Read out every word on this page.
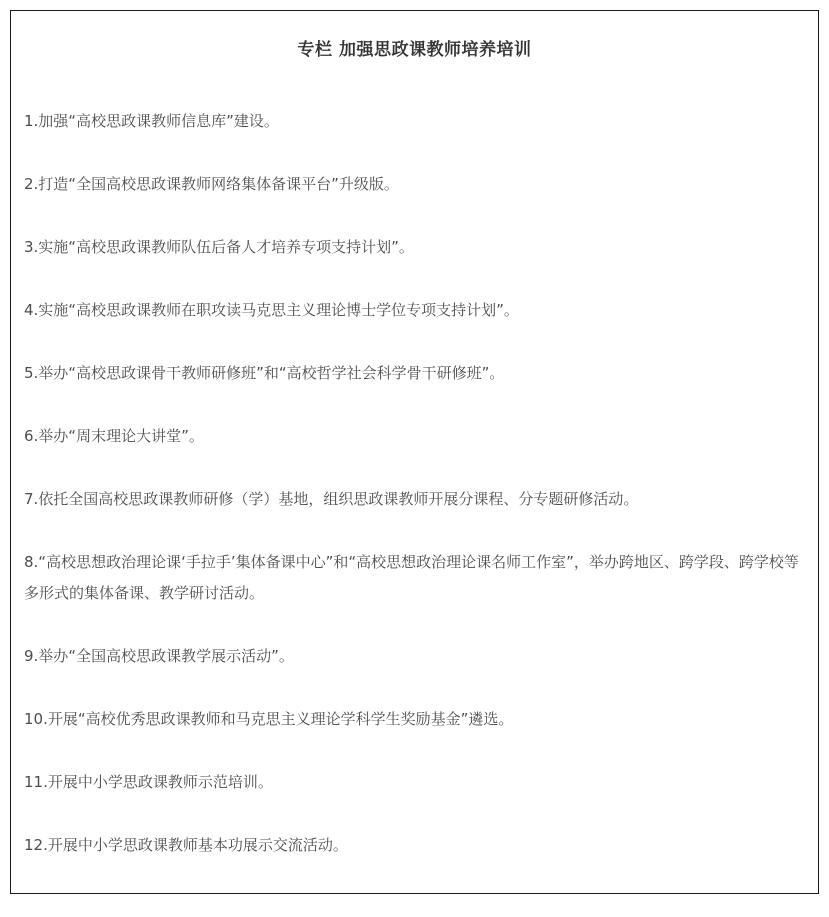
专栏 加强思政课教师培养培训

1.加强“高校思政课教师信息库”建设。

2.打造“全国高校思政课教师网络集体备课平台”升级版。

3.实施“高校思政课教师队伍后备人才培养专项支持计划”。

4.实施“高校思政课教师在职攻读马克思主义理论博士学位专项支持计划”。

5.举办“高校思政课骨干教师研修班”和“高校哲学社会科学骨干研修班”。

6.举办“周末理论大讲堂”。

7.依托全国高校思政课教师研修（学）基地，组织思政课教师开展分课程、分专题研修活动。

8.“高校思想政治理论课‘手拉手’集体备课中心”和“高校思想政治理论课名师工作室”，举办跨地区、跨学段、跨学校等多形式的集体备课、教学研讨活动。

9.举办“全国高校思政课教学展示活动”。

10.开展“高校优秀思政课教师和马克思主义理论学科学生奖励基金”遴选。

11.开展中小学思政课教师示范培训。

12.开展中小学思政课教师基本功展示交流活动。
